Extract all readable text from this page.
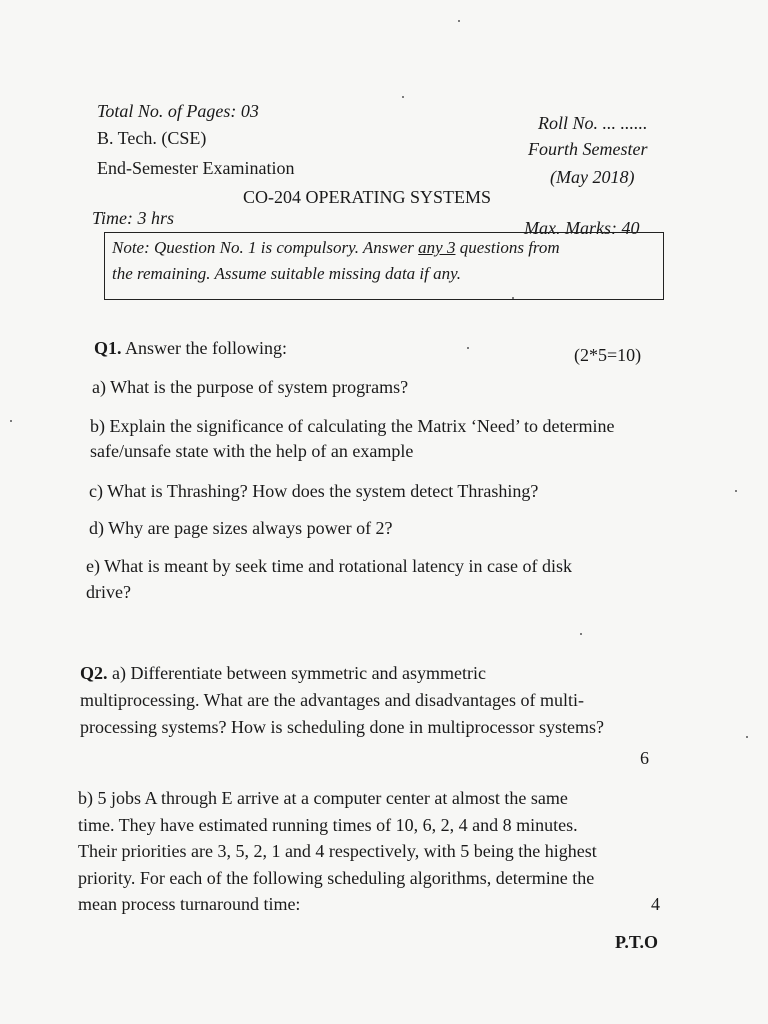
Total No. of Pages: 03
B. Tech. (CSE)
End-Semester Examination
CO-204 OPERATING SYSTEMS
Time: 3 hrs
Roll No. ... ......
Fourth Semester
(May 2018)
Max. Marks: 40
Note: Question No. 1 is compulsory. Answer any 3 questions from
the remaining. Assume suitable missing data if any.
Q1. Answer the following:	(2*5=10)
a) What is the purpose of system programs?
b) Explain the significance of calculating the Matrix ‘Need’ to determine
safe/unsafe state with the help of an example
c) What is Thrashing? How does the system detect Thrashing?
d) Why are page sizes always power of 2?
e) What is meant by seek time and rotational latency in case of disk
drive?
Q2. a) Differentiate between symmetric and asymmetric
multiprocessing. What are the advantages and disadvantages of multi-
processing systems? How is scheduling done in multiprocessor systems?
6
b) 5 jobs A through E arrive at a computer center at almost the same
time. They have estimated running times of 10, 6, 2, 4 and 8 minutes.
Their priorities are 3, 5, 2, 1 and 4 respectively, with 5 being the highest
priority. For each of the following scheduling algorithms, determine the
mean process turnaround time:	4
P.T.O
